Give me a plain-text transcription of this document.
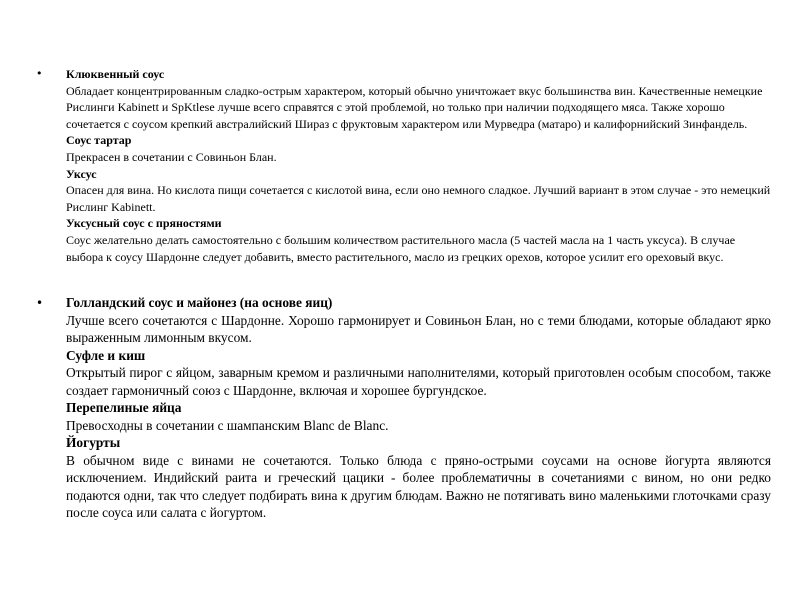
• Клюквенный соус
Обладает концентрированным сладко-острым характером, который обычно уничтожает вкус большинства вин. Качественные немецкие Рислинги Kabinett и SpKtlese лучше всего справятся с этой проблемой, но только при наличии подходящего мяса. Также хорошо сочетается с соусом крепкий австралийский Шираз с фруктовым характером или Мурведра (матаро) и калифорнийский Зинфандель.
Соус тартар
Прекрасен в сочетании с Совиньон Блан.
Уксус
Опасен для вина. Но кислота пищи сочетается с кислотой вина, если оно немного сладкое. Лучший вариант в этом случае - это немецкий Рислинг Kabinett.
Уксусный соус с пряностями
Соус желательно делать самостоятельно с большим количеством растительного масла (5 частей масла на 1 часть уксуса). В случае выбора к соусу Шардонне следует добавить, вместо растительного, масло из грецких орехов, которое усилит его ореховый вкус.
• Голландский соус и майонез (на основе яиц)
Лучше всего сочетаются с Шардонне. Хорошо гармонирует и Совиньон Блан, но с теми блюдами, которые обладают ярко выраженным лимонным вкусом.
Суфле и киш
Открытый пирог с яйцом, заварным кремом и различными наполнителями, который приготовлен особым способом, также создает гармоничный союз с Шардонне, включая и хорошее бургундское.
Перепелиные яйца
Превосходны в сочетании с шампанским Blanc de Blanc.
Йогурты
В обычном виде с винами не сочетаются. Только блюда с пряно-острыми соусами на основе йогурта являются исключением. Индийский раита и греческий цацики - более проблематичны в сочетаниями с вином, но они редко подаются одни, так что следует подбирать вина к другим блюдам. Важно не потягивать вино маленькими глоточками сразу после соуса или салата с йогуртом.
